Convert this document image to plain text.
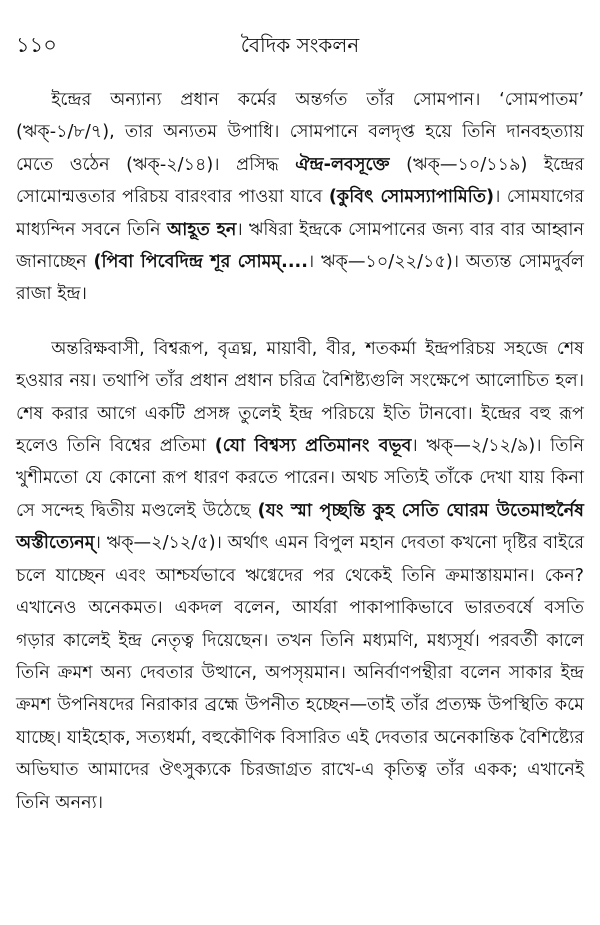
১১০	বৈদিক সংকলন

ইন্দ্রের অন্যান্য প্রধান কর্মের অন্তর্গত তাঁর সোমপান। ‘সোমপাতম’ (ঋক্-১/৮/৭), তার অন্যতম উপাধি। সোমপানে বলদৃপ্ত হয়ে তিনি দানবহত্যায় মেতে ওঠেন (ঋক্-২/১৪)। প্রসিদ্ধ ঐন্দ্র-লবসূক্তে (ঋক্—১০/১১৯) ইন্দ্রের সোমোন্মত্ততার পরিচয় বারংবার পাওয়া যাবে (কুবিৎ সোমস্যাপামিতি)। সোমযাগের মাধ্যন্দিন সবনে তিনি আহূত হন। ঋষিরা ইন্দ্রকে সোমপানের জন্য বার বার আহ্বান জানাচ্ছেন (পিবা পিবেদিন্দ্র শূর সোমম্....। ঋক্—১০/২২/১৫)। অত্যন্ত সোমদুর্বল রাজা ইন্দ্র।

অন্তরিক্ষবাসী, বিশ্বরূপ, বৃত্রঘ্ন, মায়াবী, বীর, শতকর্মা ইন্দ্রপরিচয় সহজে শেষ হওয়ার নয়। তথাপি তাঁর প্রধান প্রধান চরিত্র বৈশিষ্ট্যগুলি সংক্ষেপে আলোচিত হল। শেষ করার আগে একটি প্রসঙ্গ তুলেই ইন্দ্র পরিচয়ে ইতি টানবো। ইন্দ্রের বহু রূপ হলেও তিনি বিশ্বের প্রতিমা (যো বিশ্বস্য প্রতিমানং বভূব। ঋক্—২/১২/৯)। তিনি খুশীমতো যে কোনো রূপ ধারণ করতে পারেন। অথচ সত্যিই তাঁকে দেখা যায় কিনা সে সন্দেহ দ্বিতীয় মণ্ডলেই উঠেছে (যং স্মা পৃচ্ছন্তি কুহ সেতি ঘোরম উতেমাহুর্নৈষ অস্তীত্যেনম্। ঋক্—২/১২/৫)। অর্থাৎ এমন বিপুল মহান দেবতা কখনো দৃষ্টির বাইরে চলে যাচ্ছেন এবং আশ্চর্যভাবে ঋগ্বেদের পর থেকেই তিনি ক্রমাস্তায়মান। কেন? এখানেও অনেকমত। একদল বলেন, আর্যরা পাকাপাকিভাবে ভারতবর্ষে বসতি গড়ার কালেই ইন্দ্র নেতৃত্ব দিয়েছেন। তখন তিনি মধ্যমণি, মধ্যসূর্য। পরবর্তী কালে তিনি ক্রমশ অন্য দেবতার উত্থানে, অপসৃয়মান। অনির্বাণপন্থীরা বলেন সাকার ইন্দ্র ক্রমশ উপনিষদের নিরাকার ব্রহ্মে উপনীত হচ্ছেন—তাই তাঁর প্রত্যক্ষ উপস্থিতি কমে যাচ্ছে। যাইহোক, সত্যধর্মা, বহুকৌণিক বিসারিত এই দেবতার অনেকান্তিক বৈশিষ্ট্যের অভিঘাত আমাদের ঔৎসুক্যকে চিরজাগ্রত রাখে-এ কৃতিত্ব তাঁর একক; এখানেই তিনি অনন্য।
